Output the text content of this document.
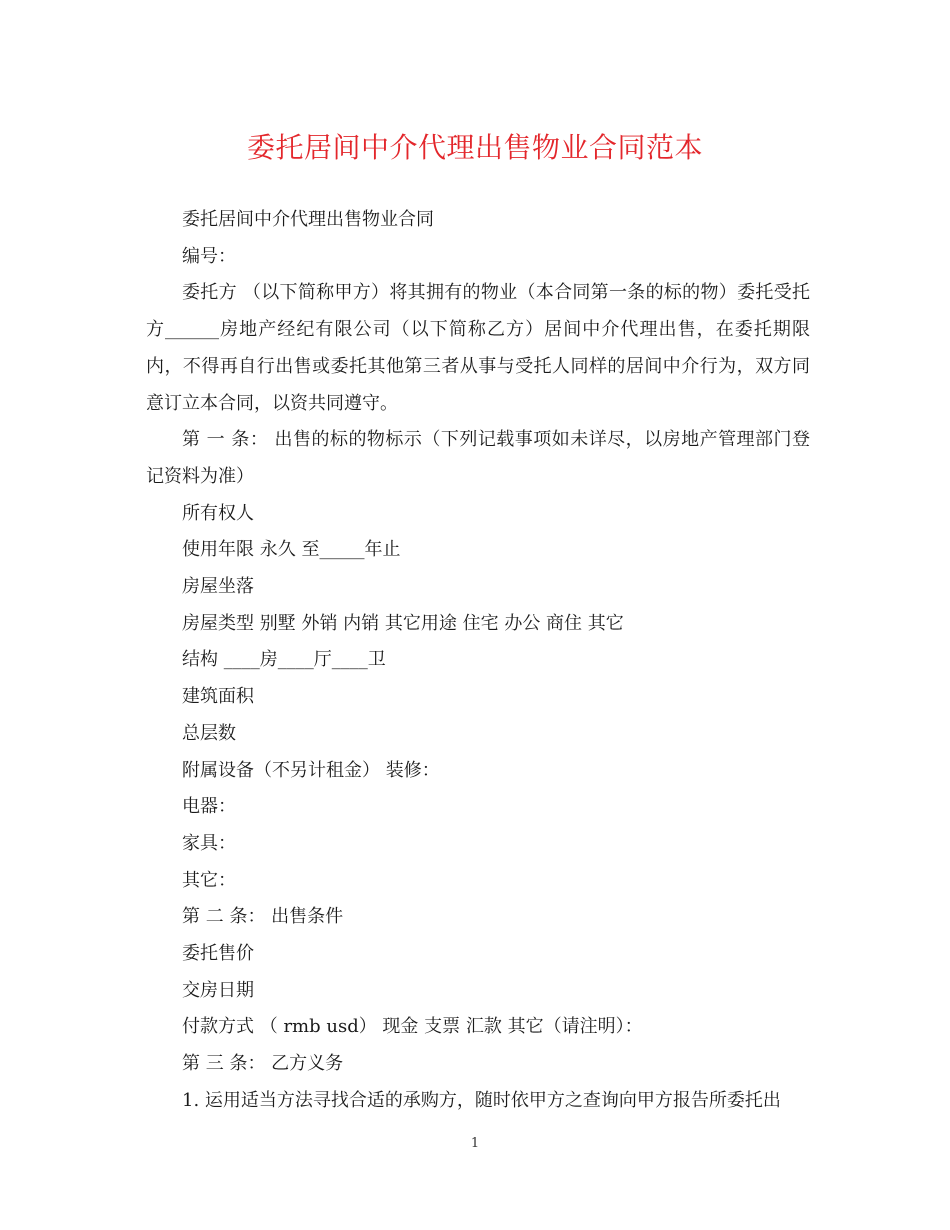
委托居间中介代理出售物业合同范本

委托居间中介代理出售物业合同

编号：

委托方 （以下简称甲方）将其拥有的物业（本合同第一条的标的物）委托受托方______房地产经纪有限公司（以下简称乙方）居间中介代理出售，在委托期限内，不得再自行出售或委托其他第三者从事与受托人同样的居间中介行为，双方同意订立本合同，以资共同遵守。

第 一 条： 出售的标的物标示（下列记载事项如未详尽，以房地产管理部门登记资料为准）

所有权人

使用年限 永久 至_____年止

房屋坐落

房屋类型 别墅 外销 内销 其它用途 住宅 办公 商住 其它

结构 ____房____厅____卫

建筑面积

总层数

附属设备（不另计租金） 装修：

电器：

家具：

其它：

第 二 条： 出售条件

委托售价

交房日期

付款方式 （ rmb usd） 现金 支票 汇款 其它（请注明）：

第 三 条： 乙方义务

1. 运用适当方法寻找合适的承购方，随时依甲方之查询向甲方报告所委托出

1
